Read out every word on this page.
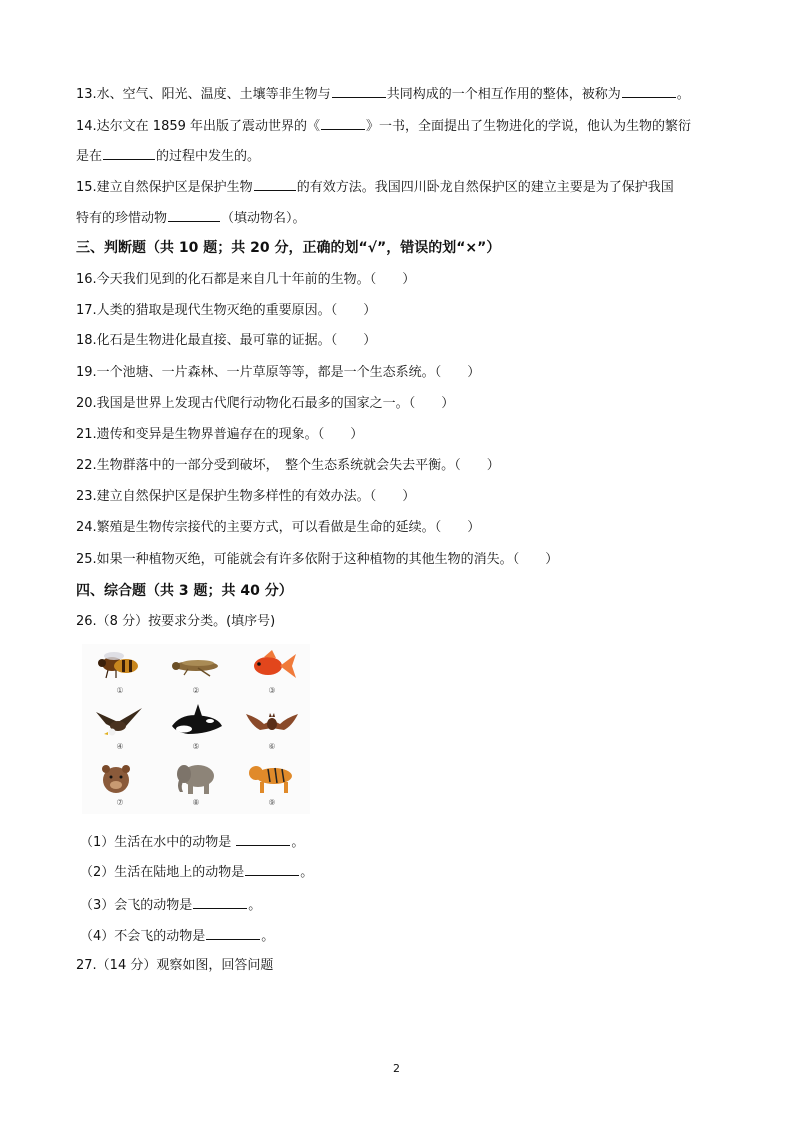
13.水、空气、阳光、温度、土壤等非生物与	共同构成的一个相互作用的整体，被称为	。
14.达尔文在 1859 年出版了震动世界的《	》一书，全面提出了生物进化的学说，他认为生物的繁衍
是在	的过程中发生的。
15.建立自然保护区是保护生物	的有效方法。我国四川卧龙自然保护区的建立主要是为了保护我国
特有的珍惜动物	（填动物名）。
三、判断题（共 10 题；共 20 分，正确的划“√”，错误的划“×”）
16.今天我们见到的化石都是来自几十年前的生物。（　　）
17.人类的猎取是现代生物灭绝的重要原因。（　　）
18.化石是生物进化最直接、最可靠的证据。（　　）
19.一个池塘、一片森林、一片草原等等，都是一个生态系统。（　　）
20.我国是世界上发现古代爬行动物化石最多的国家之一。（　　）
21.遗传和变异是生物界普遍存在的现象。（　　）
22.生物群落中的一部分受到破坏，　整个生态系统就会失去平衡。（　　）
23.建立自然保护区是保护生物多样性的有效办法。（　　）
24.繁殖是生物传宗接代的主要方式，可以看做是生命的延续。（　　）
25.如果一种植物灭绝，可能就会有许多依附于这种植物的其他生物的消失。（　　）
四、综合题（共 3 题；共 40 分）
26.（8 分）按要求分类。(填序号)
①	②	③
④	⑤	⑥
⑦	⑧	⑨
（1）生活在水中的动物是	。
（2）生活在陆地上的动物是	。
（3）会飞的动物是	。
（4）不会飞的动物是	。
27.（14 分）观察如图，回答问题
2
